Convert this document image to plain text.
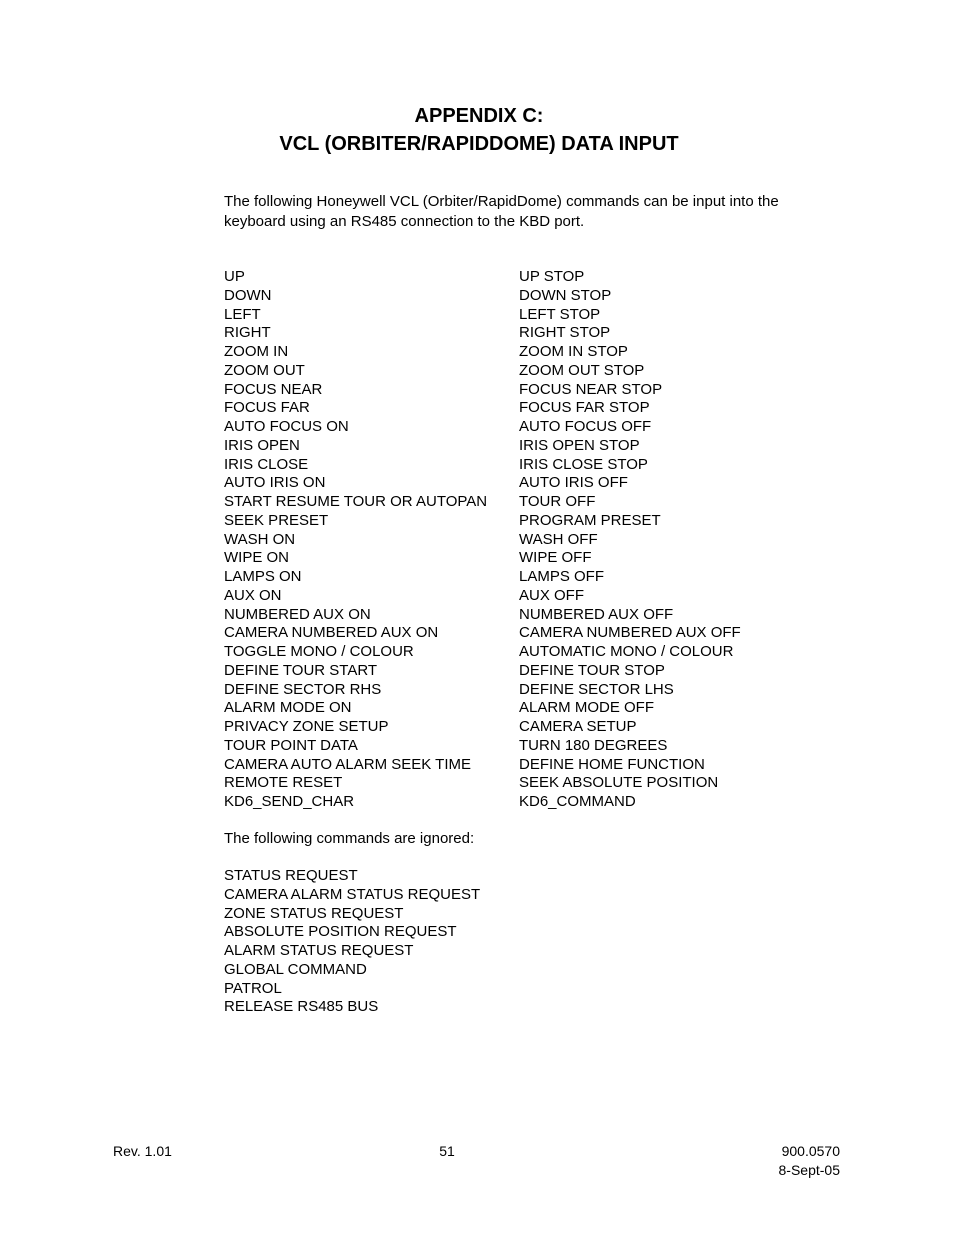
APPENDIX C:
VCL (ORBITER/RAPIDDOME) DATA INPUT

The following Honeywell VCL (Orbiter/RapidDome) commands can be input into the keyboard using an RS485 connection to the KBD port.

UP
DOWN
LEFT
RIGHT
ZOOM IN
ZOOM OUT
FOCUS NEAR
FOCUS FAR
AUTO FOCUS ON
IRIS OPEN
IRIS CLOSE
AUTO IRIS ON
START RESUME TOUR OR AUTOPAN
SEEK PRESET
WASH ON
WIPE ON
LAMPS ON
AUX ON
NUMBERED AUX ON
CAMERA NUMBERED AUX ON
TOGGLE MONO / COLOUR
DEFINE TOUR START
DEFINE SECTOR RHS
ALARM MODE ON
PRIVACY ZONE SETUP
TOUR POINT DATA
CAMERA AUTO ALARM SEEK TIME
REMOTE RESET
KD6_SEND_CHAR
UP STOP
DOWN STOP
LEFT STOP
RIGHT STOP
ZOOM IN STOP
ZOOM OUT STOP
FOCUS NEAR STOP
FOCUS FAR STOP
AUTO FOCUS OFF
IRIS OPEN STOP
IRIS CLOSE STOP
AUTO IRIS OFF
TOUR OFF
PROGRAM PRESET
WASH OFF
WIPE OFF
LAMPS OFF
AUX OFF
NUMBERED AUX OFF
CAMERA NUMBERED AUX OFF
AUTOMATIC MONO / COLOUR
DEFINE TOUR STOP
DEFINE SECTOR LHS
ALARM MODE OFF
CAMERA SETUP
TURN 180 DEGREES
DEFINE HOME FUNCTION
SEEK ABSOLUTE POSITION
KD6_COMMAND

The following commands are ignored:

STATUS REQUEST
CAMERA ALARM STATUS REQUEST
ZONE STATUS REQUEST
ABSOLUTE POSITION REQUEST
ALARM STATUS REQUEST
GLOBAL COMMAND
PATROL
RELEASE RS485 BUS
Rev. 1.01	51	900.0570
8-Sept-05
